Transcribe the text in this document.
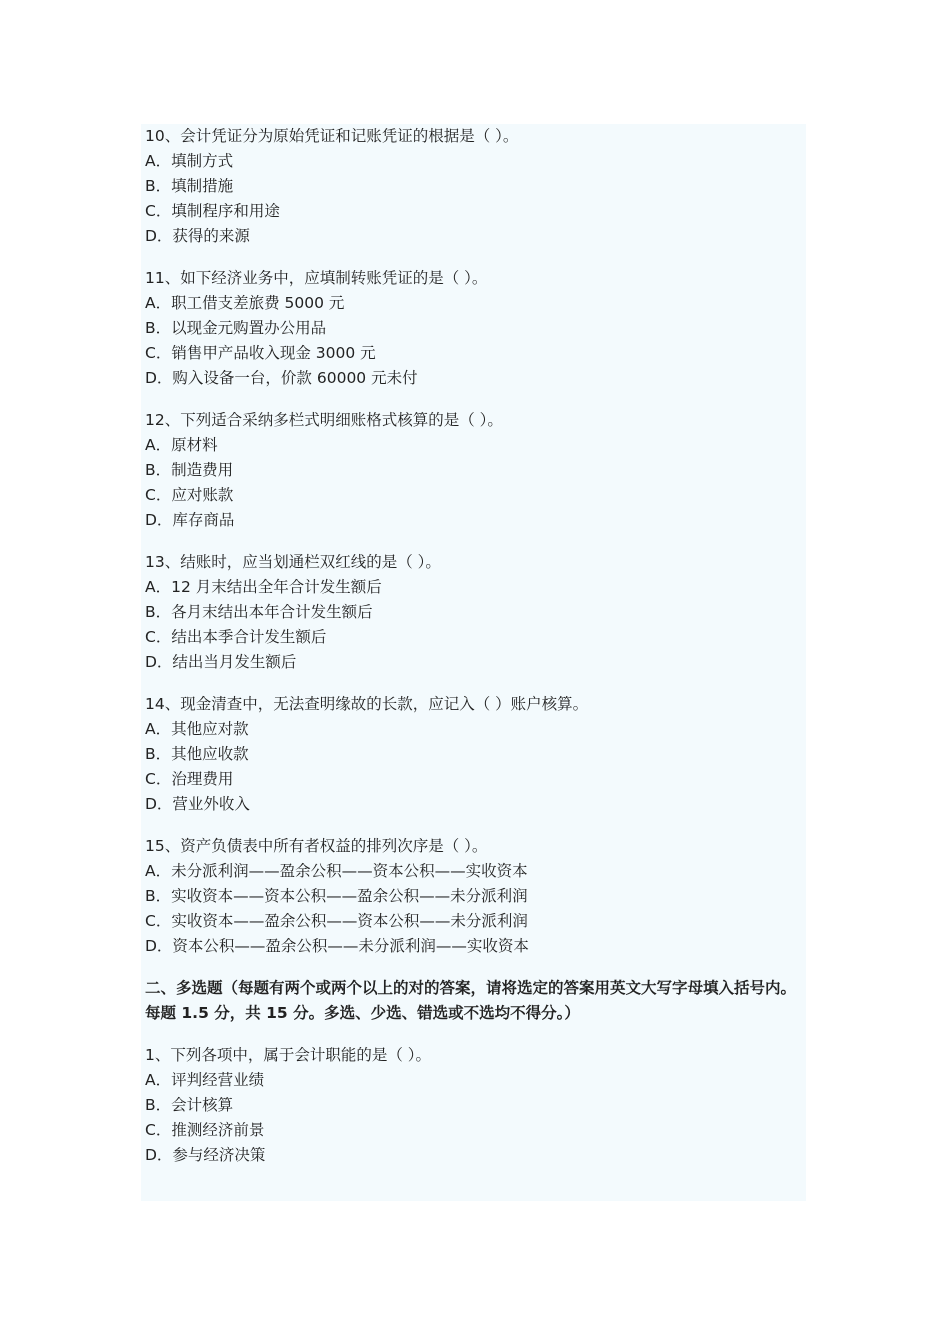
10、会计凭证分为原始凭证和记账凭证的根据是（ ）。
A．填制方式
B．填制措施
C．填制程序和用途
D．获得的来源
11、如下经济业务中，应填制转账凭证的是（ ）。
A．职工借支差旅费 5000 元
B．以现金元购置办公用品
C．销售甲产品收入现金 3000 元
D．购入设备一台，价款 60000 元未付
12、下列适合采纳多栏式明细账格式核算的是（ ）。
A．原材料
B．制造费用
C．应对账款
D．库存商品
13、结账时，应当划通栏双红线的是（ ）。
A．12 月末结出全年合计发生额后
B．各月末结出本年合计发生额后
C．结出本季合计发生额后
D．结出当月发生额后
14、现金清查中，无法查明缘故的长款，应记入（ ）账户核算。
A．其他应对款
B．其他应收款
C．治理费用
D．营业外收入
15、资产负债表中所有者权益的排列次序是（ ）。
A．未分派利润——盈余公积——资本公积——实收资本
B．实收资本——资本公积——盈余公积——未分派利润
C．实收资本——盈余公积——资本公积——未分派利润
D．资本公积——盈余公积——未分派利润——实收资本
二、多选题（每题有两个或两个以上的对的答案，请将选定的答案用英文大写字母填入括号内。每题 1.5 分，共 15 分。多选、少选、错选或不选均不得分。）
1、下列各项中，属于会计职能的是（ ）。
A．评判经营业绩
B．会计核算
C．推测经济前景
D．参与经济决策
